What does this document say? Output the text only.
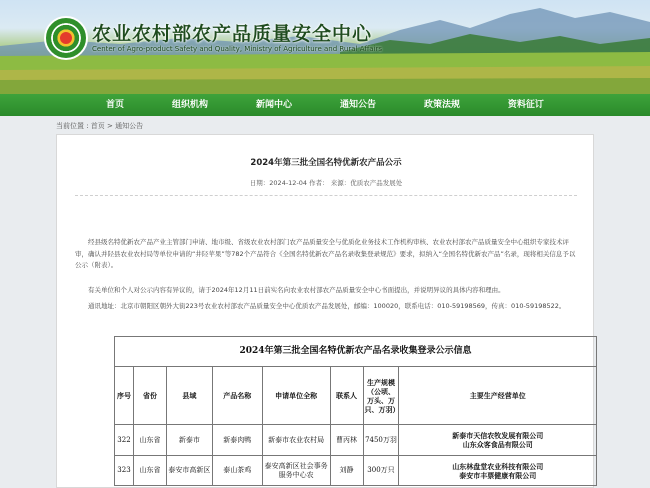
农业农村部农产品质量安全中心
Center of Agro-product Safety and Quality, Ministry of Agriculture and Rural Affairs
首页	组织机构	新闻中心	通知公告	政策法规	资料征订
当前位置 : 首页 > 通知公告
2024年第三批全国名特优新农产品公示
日期：2024-12-04 作者： 来源：优质农产品发展处

经县级名特优新农产品产业主管部门申请、地市级、省级农业农村部门农产品质量安全与优质化业务技术工作机构审核、农业农村部农产品质量安全中心组织专家技术评审，确认并陉县农业农村局等单位申请的“井陉苹果”等782个产品符合《全国名特优新农产品名录收集登录规范》要求，拟纳入“全国名特优新农产品”名录，现将相关信息予以公示（附表）。

有关单位和个人对公示内容有异议的，请于2024年12月11日前实名向农业农村部农产品质量安全中心书面提出，并说明异议的具体内容和理由。

通讯地址：北京市朝阳区朝外大街223号农业农村部农产品质量安全中心优质农产品发展处，邮编：100020，联系电话：010-59198569，传真：010-59198522。

2024年第三批全国名特优新农产品名录收集登录公示信息							
序号	省份	县域	产品名称	申请单位全称	联系人	生产规模（公顷、万头、万只、万羽）	主要生产经营单位
322	山东省	新泰市	新泰肉鸭	新泰市农业农村局	曹丙林	7450万羽	新泰市天信农牧发展有限公司
山东众客食品有限公司
323	山东省	泰安市高新区	泰山茶鸡	泰安高新区社会事务服务中心农	刘静	300万只	山东林盘堂农业科技有限公司
泰安市丰票健康有限公司
